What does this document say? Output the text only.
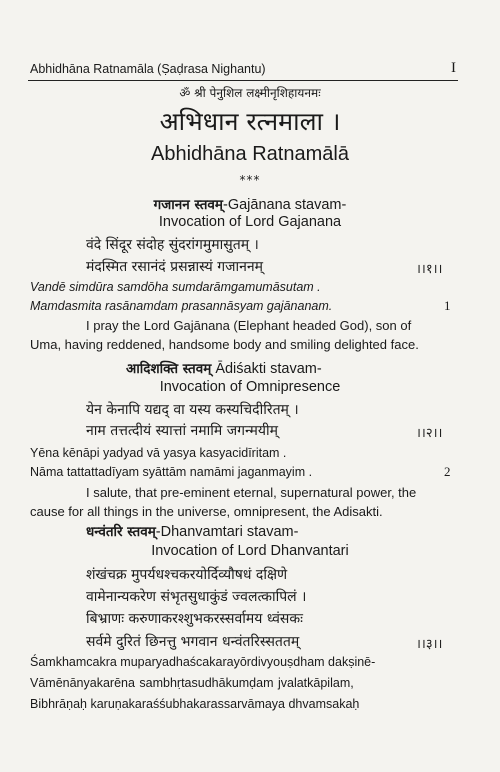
Abhidhāna Ratnamāla (Ṣaḍrasa Nighantu)	I
ॐ श्री पेनुशिल लक्ष्मीनृशिहायनमः
अभिधान रत्नमाला ।
Abhidhāna Ratnamālā
***
गजानन स्तवम्-Gajānana stavam-
Invocation of Lord Gajanana
वंदे सिंदूर संदोह सुंदरांगमुमासुतम् ।
मंदस्मित रसानंदं प्रसन्नास्यं गजाननम्	।।१।।
Vandē simdūra samdōha sumdarāmgamumāsutam .
Mamdasmita rasānamdam prasannāsyam gajānanam.	1
I pray the Lord Gajānana (Elephant headed God), son of
Uma, having reddened, handsome body and smiling delighted face.
आदिशक्ति स्तवम् Ādiśakti stavam-
Invocation of Omnipresence
येन केनापि यद्यद् वा यस्य कस्यचिदीरितम् ।
नाम तत्तत्दीयं स्यात्तां नमामि जगन्मयीम्	।।२।।
Yēna kēnāpi yadyad vā yasya kasyacidīritam .
Nāma tattattadīyam syāttām namāmi jaganmayim .	2
I salute, that pre-eminent eternal, supernatural power, the
cause for all things in the universe, omnipresent, the Adisakti.
धन्वंतरि स्तवम्-Dhanvamtari stavam-
Invocation of Lord Dhanvantari
शंखंचक्र मुपर्यधश्चकरयोर्दिव्यौषधं दक्षिणे
वामेनान्यकरेण संभृतसुधाकुंडं ज्वलत्कापिलं ।
बिभ्राणः करुणाकरश्शुभकरस्सर्वामय ध्वंसकः
सर्वमे दुरितं छिनत्तु भगवान धन्वंतरिस्सततम्	।।३।।
Śamkhamcakra muparyadhaścakarayōrdivyouṣdham dakṣinē-
Vāmēnānyakarēna sambhṛtasudhākumḍam jvalatkāpilam,
Bibhrāṇaḥ karuṇakaraśśubhakarassarvāmaya dhvamsakaḥ
